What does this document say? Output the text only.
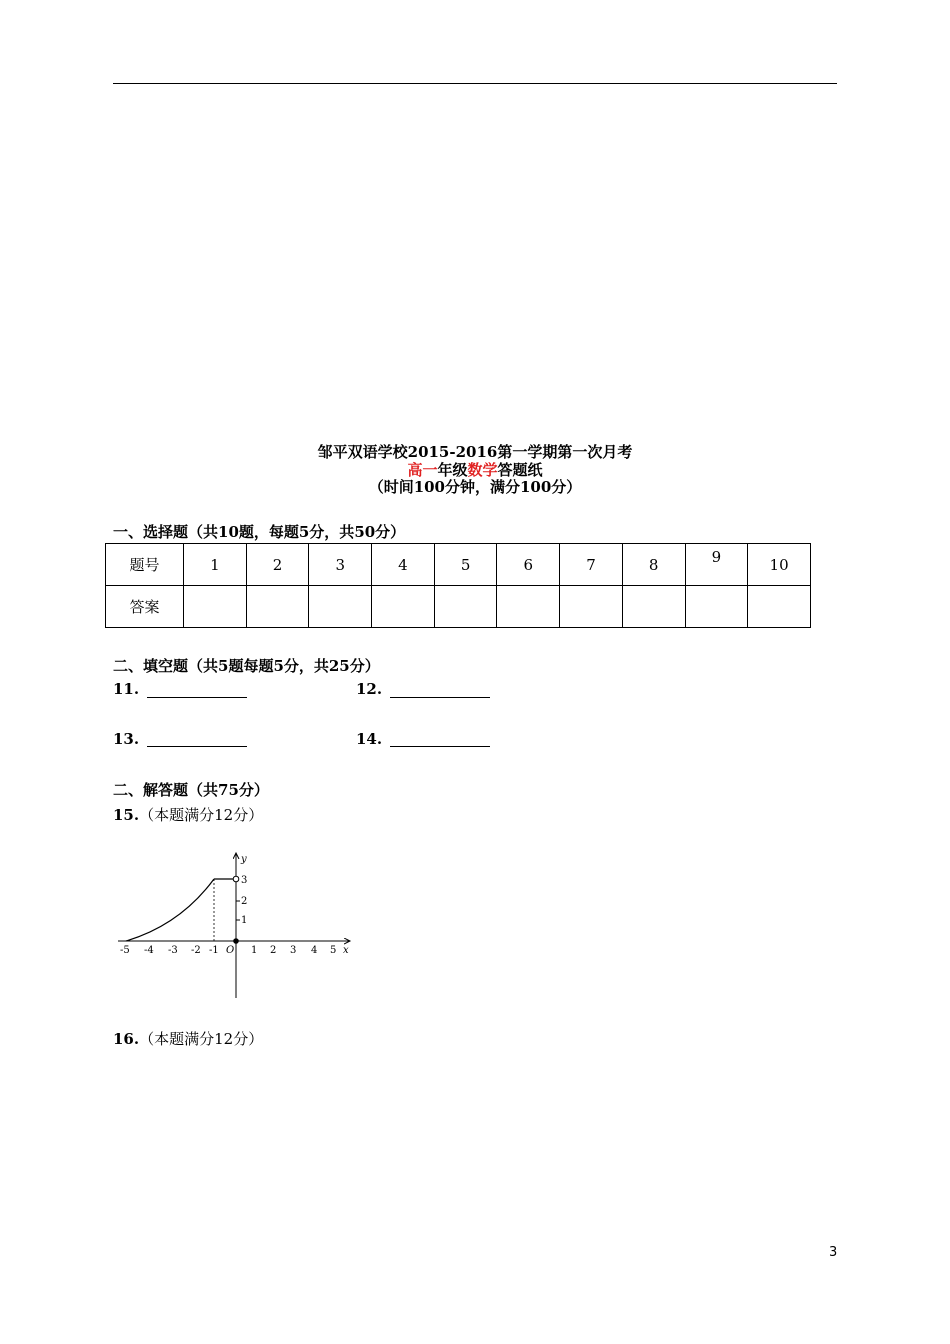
邹平双语学校2015-2016第一学期第一次月考
高一年级数学答题纸
（时间100分钟，满分100分）
一、选择题（共10题，每题5分，共50分）
题号	1	2	3	4	5	6	7	8	9	10
答案										
二、填空题（共5题每题5分，共25分）
11.	12.
13.	14.
二、解答题（共75分）
15.（本题满分12分）
y
x
O
3
2
1
-5 -4 -3 -2 -1	1 2 3 4 5
16.（本题满分12分）
3
